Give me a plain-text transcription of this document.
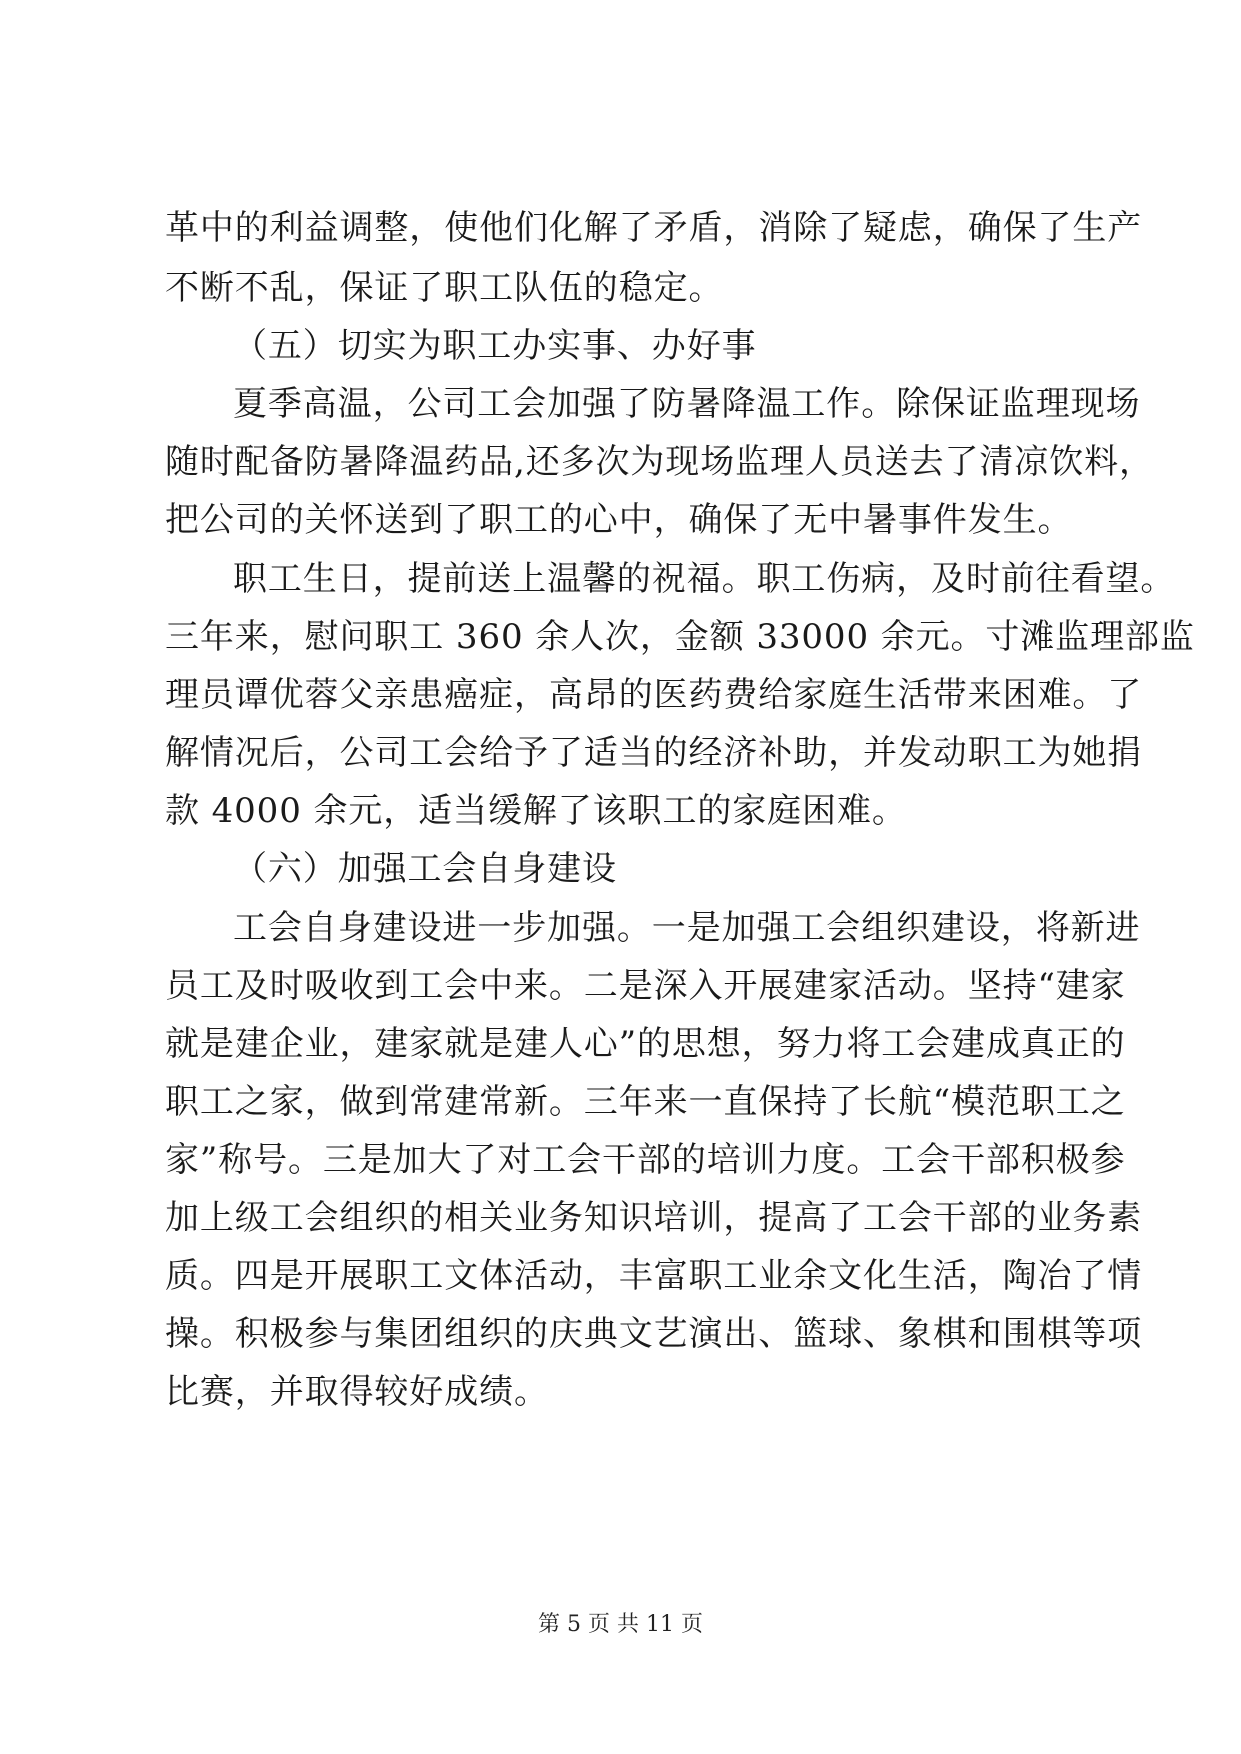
革中的利益调整，使他们化解了矛盾，消除了疑虑，确保了生产
不断不乱，保证了职工队伍的稳定。
（五）切实为职工办实事、办好事
夏季高温，公司工会加强了防暑降温工作。除保证监理现场
随时配备防暑降温药品,还多次为现场监理人员送去了清凉饮料，
把公司的关怀送到了职工的心中，确保了无中暑事件发生。
职工生日，提前送上温馨的祝福。职工伤病，及时前往看望。
三年来，慰问职工 360 余人次，金额 33000 余元。寸滩监理部监
理员谭优蓉父亲患癌症，高昂的医药费给家庭生活带来困难。了
解情况后，公司工会给予了适当的经济补助，并发动职工为她捐
款 4000 余元，适当缓解了该职工的家庭困难。
（六）加强工会自身建设
工会自身建设进一步加强。一是加强工会组织建设，将新进
员工及时吸收到工会中来。二是深入开展建家活动。坚持“建家
就是建企业，建家就是建人心”的思想，努力将工会建成真正的
职工之家，做到常建常新。三年来一直保持了长航“模范职工之
家”称号。三是加大了对工会干部的培训力度。工会干部积极参
加上级工会组织的相关业务知识培训，提高了工会干部的业务素
质。四是开展职工文体活动，丰富职工业余文化生活，陶冶了情
操。积极参与集团组织的庆典文艺演出、篮球、象棋和围棋等项
比赛，并取得较好成绩。
第 5 页 共 11 页
